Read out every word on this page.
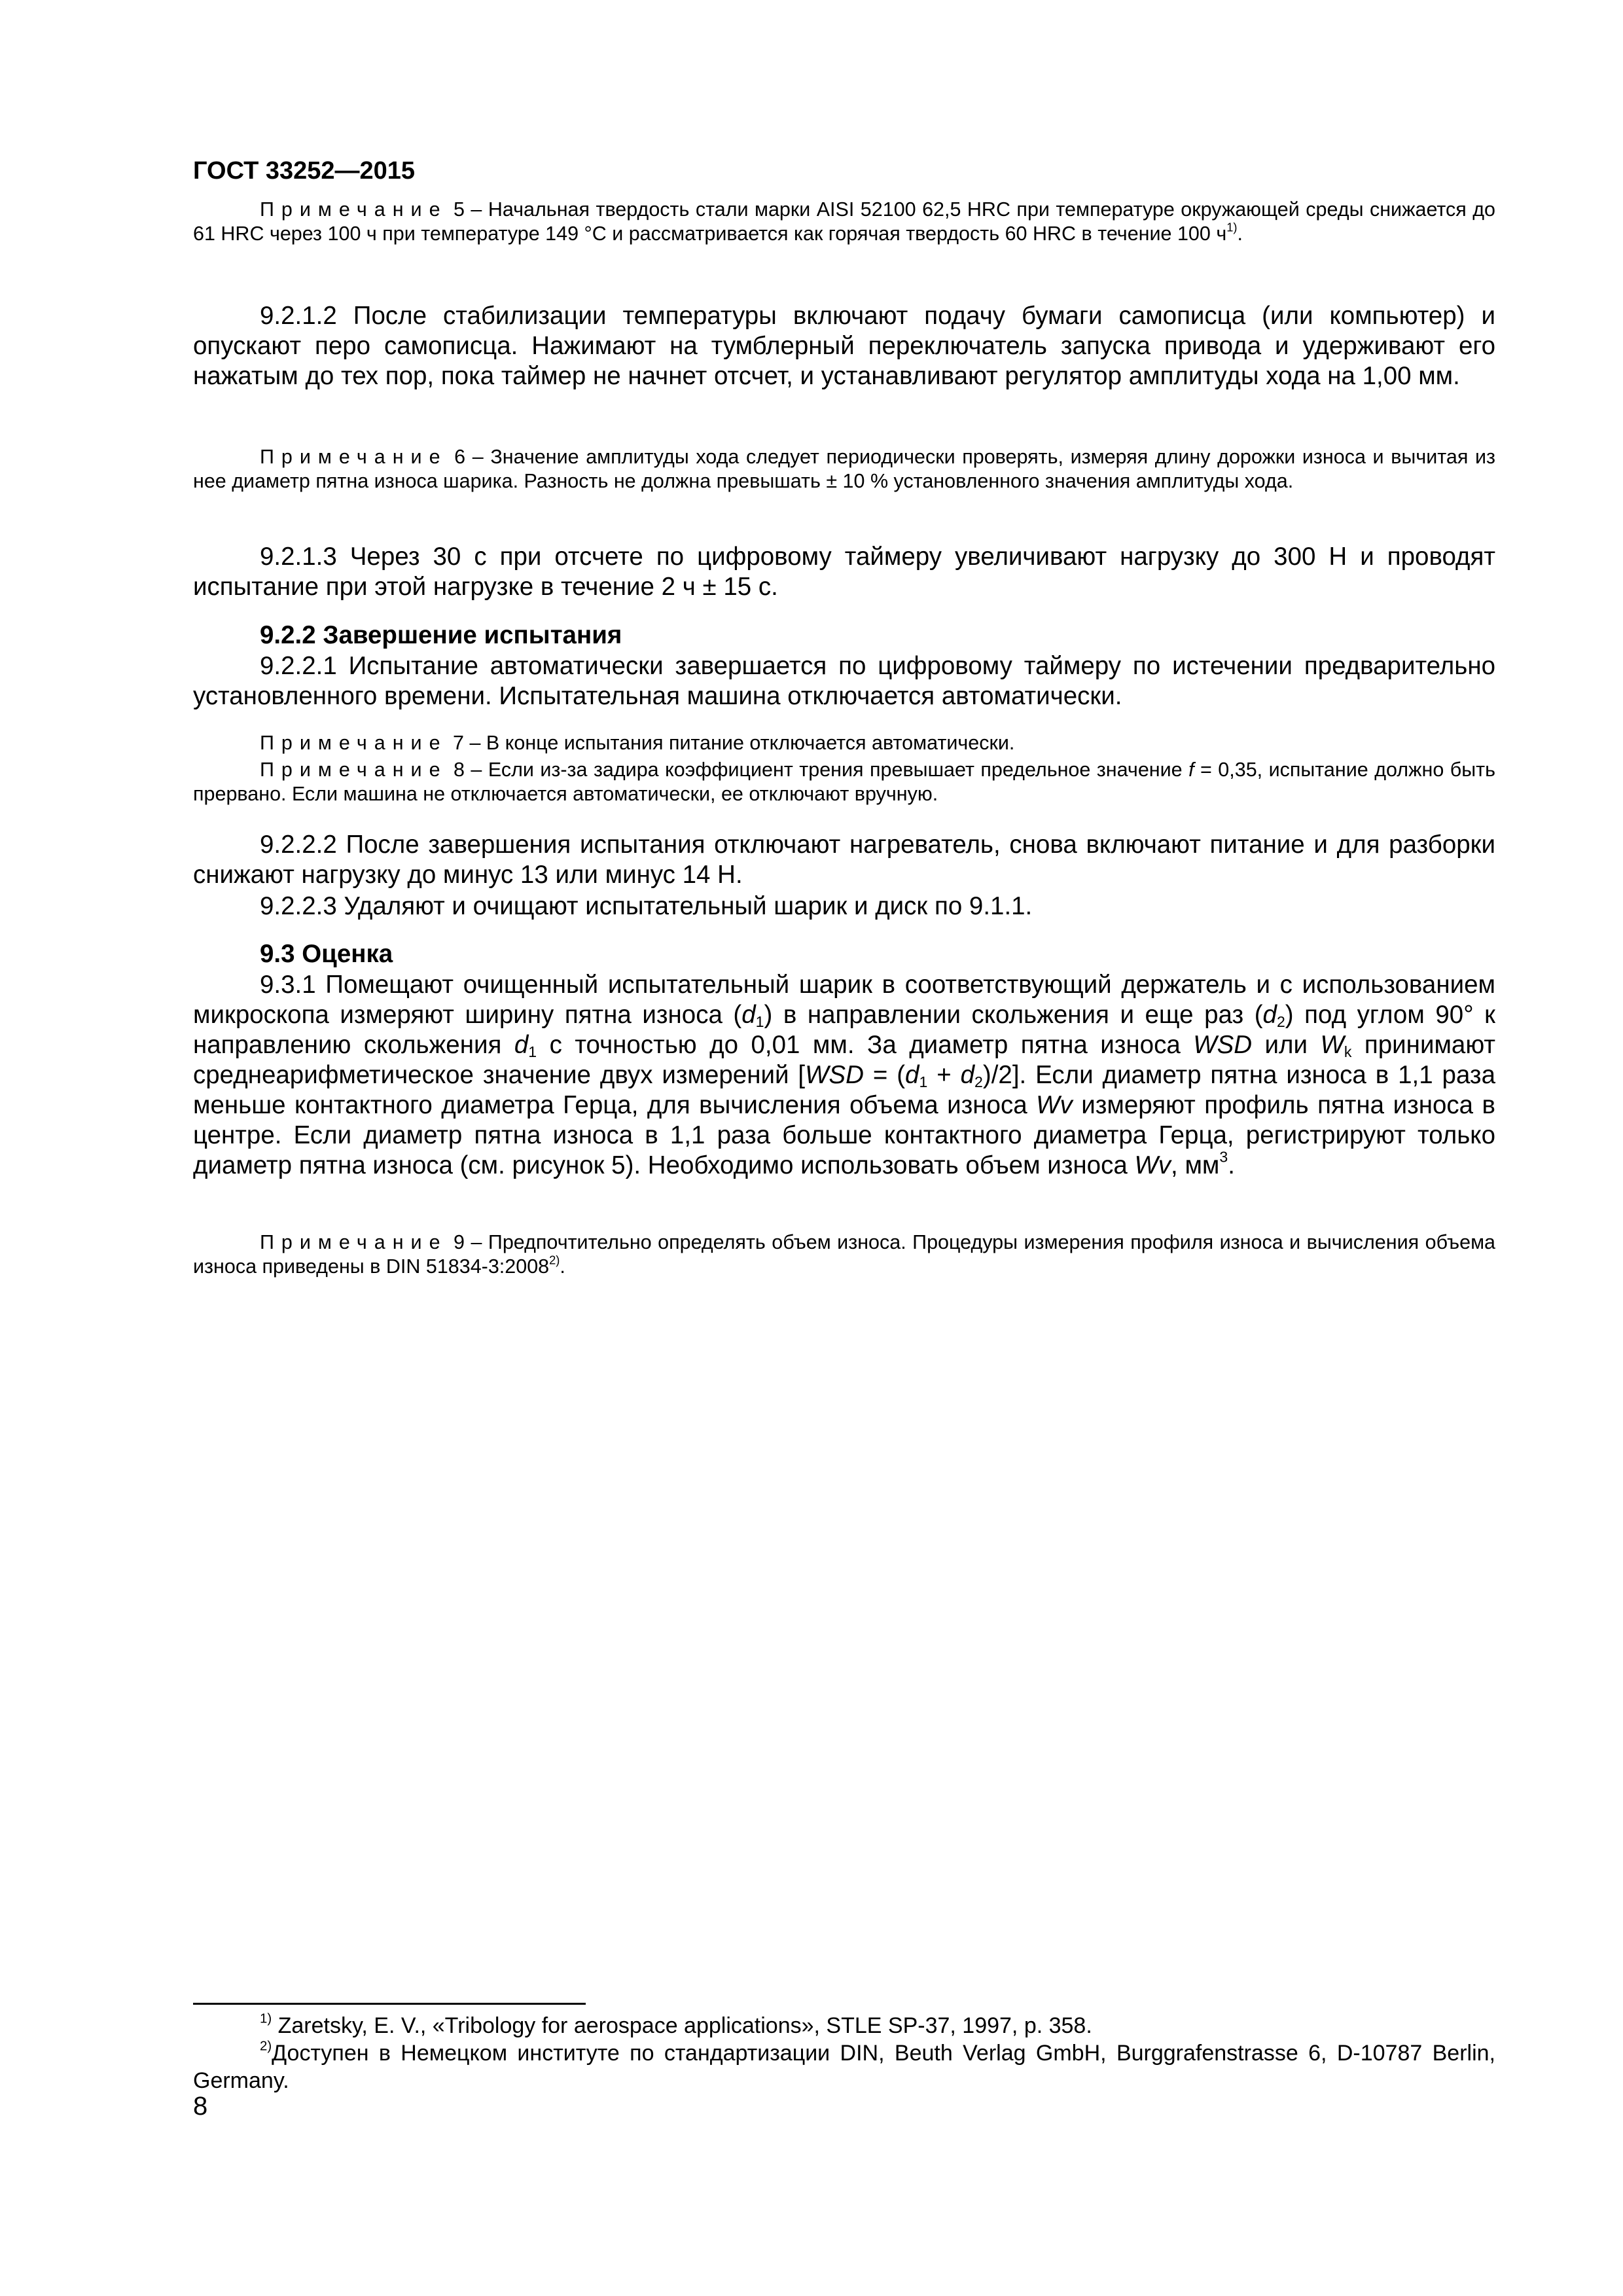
ГОСТ 33252—2015
Примечание 5 – Начальная твердость стали марки AISI 52100 62,5 HRC при температуре окружающей среды снижается до 61 HRC через 100 ч при температуре 149 °С и рассматривается как горячая твердость 60 HRC в течение 100 $ч^{1)}$.
9.2.1.2 После стабилизации температуры включают подачу бумаги самописца (или компьютер) и опускают перо самописца. Нажимают на тумблерный переключатель запуска привода и удерживают его нажатым до тех пор, пока таймер не начнет отсчет, и устанавливают регулятор амплитуды хода на 1,00 мм.
Примечание 6 – Значение амплитуды хода следует периодически проверять, измеряя длину дорожки износа и вычитая из нее диаметр пятна износа шарика. Разность не должна превышать ± 10 % установленного значения амплитуды хода.
9.2.1.3 Через 30 с при отсчете по цифровому таймеру увеличивают нагрузку до 300 Н и проводят испытание при этой нагрузке в течение 2 ч ± 15 с.
9.2.2 Завершение испытания
9.2.2.1 Испытание автоматически завершается по цифровому таймеру по истечении предварительно установленного времени. Испытательная машина отключается автоматически.
Примечание 7 – В конце испытания питание отключается автоматически.
Примечание 8 – Если из-за задира коэффициент трения превышает предельное значение f = 0,35, испытание должно быть прервано. Если машина не отключается автоматически, ее отключают вручную.
9.2.2.2 После завершения испытания отключают нагреватель, снова включают питание и для разборки снижают нагрузку до минус 13 или минус 14 Н.
9.2.2.3 Удаляют и очищают испытательный шарик и диск по 9.1.1.
9.3 Оценка
9.3.1 Помещают очищенный испытательный шарик в соответствующий держатель и с использованием микроскопа измеряют ширину пятна износа $(d_1)$ в направлении скольжения и еще раз $(d_2)$ под углом 90° к направлению скольжения $d_1$ с точностью до 0,01 мм. За диаметр пятна износа WSD или $W_k$ принимают среднеарифметическое значение двух измерений $[WSD = (d_1 + d_2)/2]$. Если диаметр пятна износа в 1,1 раза меньше контактного диаметра Герца, для вычисления объема износа Wv измеряют профиль пятна износа в центре. Если диаметр пятна износа в 1,1 раза больше контактного диаметра Герца, регистрируют только диаметр пятна износа (см. рисунок 5). Необходимо использовать объем износа Wv, $мм^3$.
Примечание 9 – Предпочтительно определять объем износа. Процедуры измерения профиля износа и вычисления объема износа приведены в DIN 51834-3:2008$^{2)}$.
$^{1)}$ Zaretsky, E. V., «Tribology for aerospace applications», STLE SP-37, 1997, p. 358.
$^{2)}$Доступен в Немецком институте по стандартизации DIN, Beuth Verlag GmbH, Burggrafenstrasse 6, D-10787 Berlin, Germany.
8
